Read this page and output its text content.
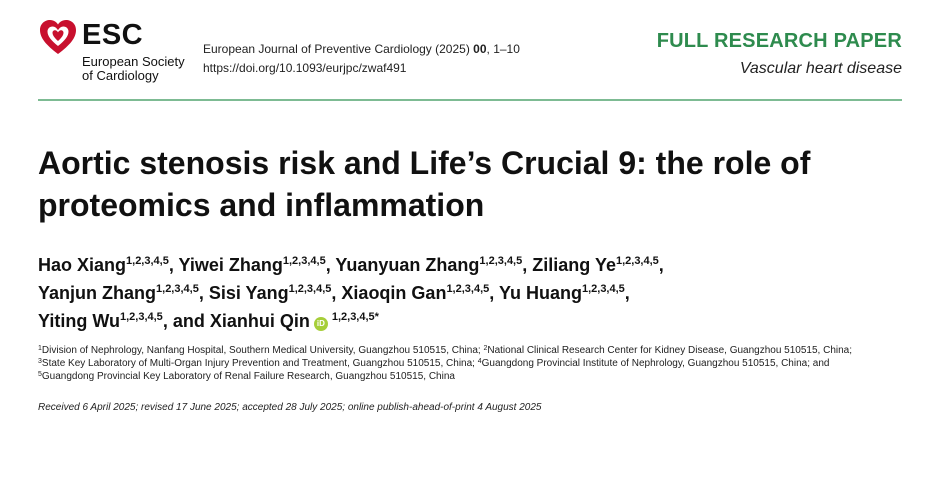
ESC
European Society
of Cardiology
European Journal of Preventive Cardiology (2025) 00, 1–10
https://doi.org/10.1093/eurjpc/zwaf491
FULL RESEARCH PAPER
Vascular heart disease
Aortic stenosis risk and Life’s Crucial 9: the role of proteomics and inflammation
Hao Xiang$^{1,2,3,4,5}$, Yiwei Zhang$^{1,2,3,4,5}$, Yuanyuan Zhang$^{1,2,3,4,5}$, Ziliang Ye$^{1,2,3,4,5}$,
Yanjun Zhang$^{1,2,3,4,5}$, Sisi Yang$^{1,2,3,4,5}$, Xiaoqin Gan$^{1,2,3,4,5}$, Yu Huang$^{1,2,3,4,5}$,
Yiting Wu$^{1,2,3,4,5}$, and Xianhui Qin $iD^{1,2,3,4,5*}$
$^1$Division of Nephrology, Nanfang Hospital, Southern Medical University, Guangzhou 510515, China; $^2$National Clinical Research Center for Kidney Disease, Guangzhou 510515, China;
$^3$State Key Laboratory of Multi-Organ Injury Prevention and Treatment, Guangzhou 510515, China; $^4$Guangdong Provincial Institute of Nephrology, Guangzhou 510515, China; and
$^5$Guangdong Provincial Key Laboratory of Renal Failure Research, Guangzhou 510515, China
Received 6 April 2025; revised 17 June 2025; accepted 28 July 2025; online publish-ahead-of-print 4 August 2025
